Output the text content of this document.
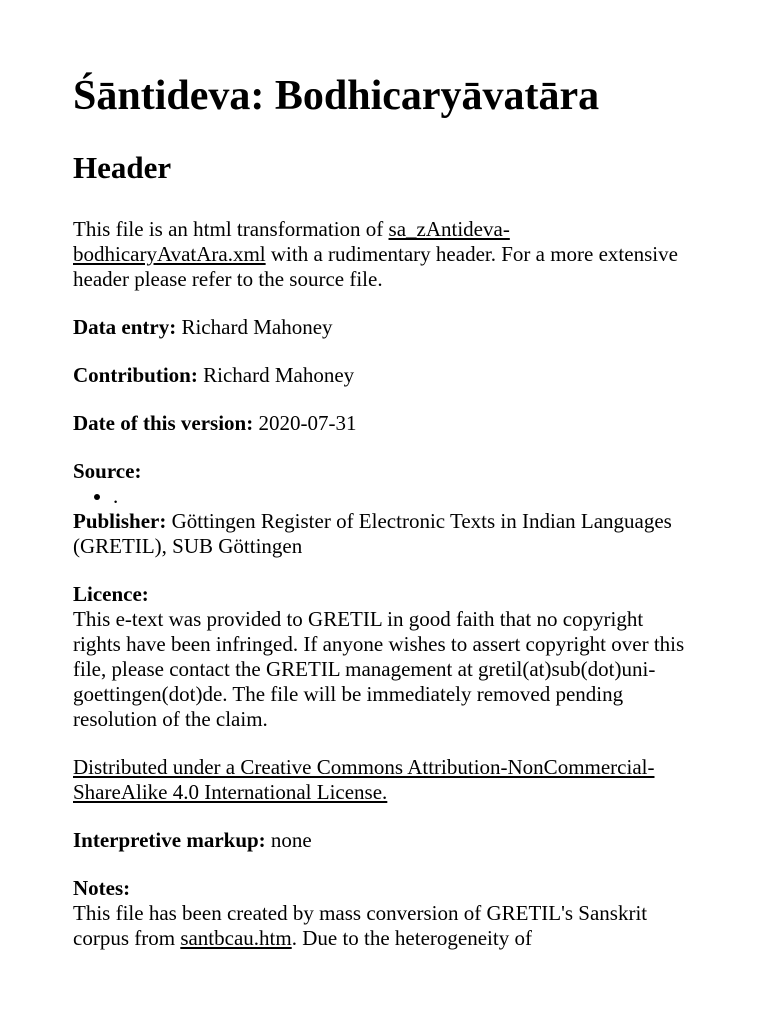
Śāntideva: Bodhicaryāvatāra
Header

This file is an html transformation of sa_zAntideva-bodhicaryAvatAra.xml with a rudimentary header. For a more extensive header please refer to the source file.

Data entry: Richard Mahoney

Contribution: Richard Mahoney

Date of this version: 2020-07-31

Source:
• .
Publisher: Göttingen Register of Electronic Texts in Indian Languages (GRETIL), SUB Göttingen
Licence:
This e-text was provided to GRETIL in good faith that no copyright rights have been infringed. If anyone wishes to assert copyright over this file, please contact the GRETIL management at gretil(at)sub(dot)uni-goettingen(dot)de. The file will be immediately removed pending resolution of the claim.

Distributed under a Creative Commons Attribution-NonCommercial-ShareAlike 4.0 International License.

Interpretive markup: none

Notes:
This file has been created by mass conversion of GRETIL's Sanskrit corpus from santbcau.htm. Due to the heterogeneity of
